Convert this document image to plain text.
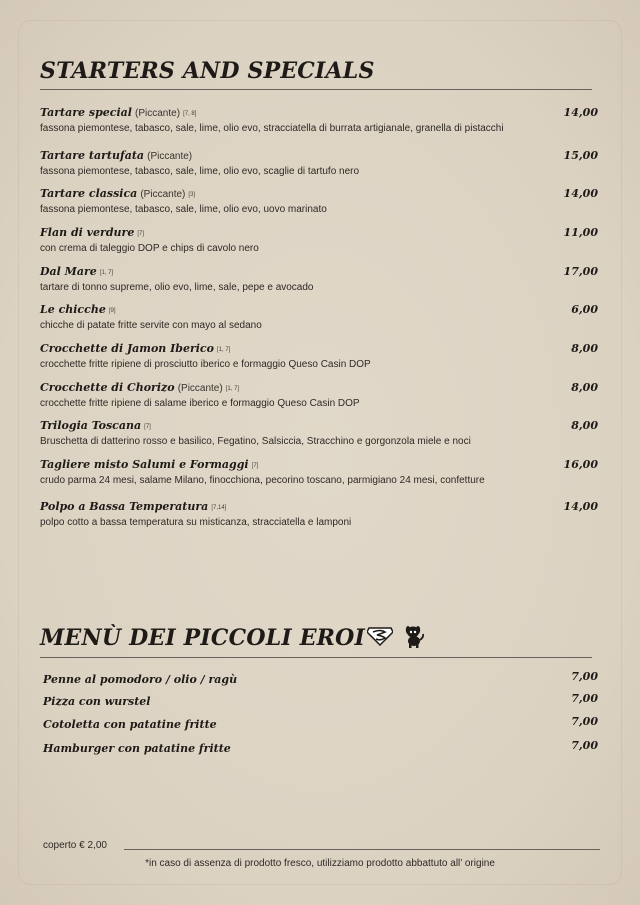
STARTERS AND SPECIALS
Tartare special (Piccante) [7, 8]	14,00
fassona piemontese, tabasco, sale, lime, olio evo, stracciatella di burrata artigianale, granella di pistacchi
Tartare tartufata (Piccante)	15,00
fassona piemontese, tabasco, sale, lime, olio evo, scaglie di tartufo nero
Tartare classica (Piccante) [3]	14,00
fassona piemontese, tabasco, sale, lime, olio evo, uovo marinato
Flan di verdure [7]	11,00
con crema di taleggio DOP e chips di cavolo nero
Dal Mare [1, 7]	17,00
tartare di tonno supreme, olio evo, lime, sale, pepe e avocado
Le chicche [9]	6,00
chicche di patate fritte servite con mayo al sedano
Crocchette di Jamon Iberico [1, 7]	8,00
crocchette fritte ripiene di prosciutto iberico e formaggio Queso Casin DOP
Crocchette di Chorizo (Piccante) [1, 7]	8,00
crocchette fritte ripiene di salame iberico e formaggio Queso Casin DOP
Trilogia Toscana [7]	8,00
Bruschetta di datterino rosso e basilico, Fegatino, Salsiccia, Stracchino e gorgonzola miele e noci
Tagliere misto Salumi e Formaggi [7]	16,00
crudo parma 24 mesi, salame Milano, finocchiona, pecorino toscano, parmigiano 24 mesi, confetture
Polpo a Bassa Temperatura [7,14]	14,00
polpo cotto a bassa temperatura su misticanza, stracciatella e lamponi
MENÙ DEI PICCOLI EROI
Penne al pomodoro / olio / ragù	7,00
Pizza con wurstel	7,00
Cotoletta con patatine fritte	7,00
Hamburger con patatine fritte	7,00
coperto € 2,00
*in caso di assenza di prodotto fresco, utilizziamo prodotto abbattuto all’ origine
